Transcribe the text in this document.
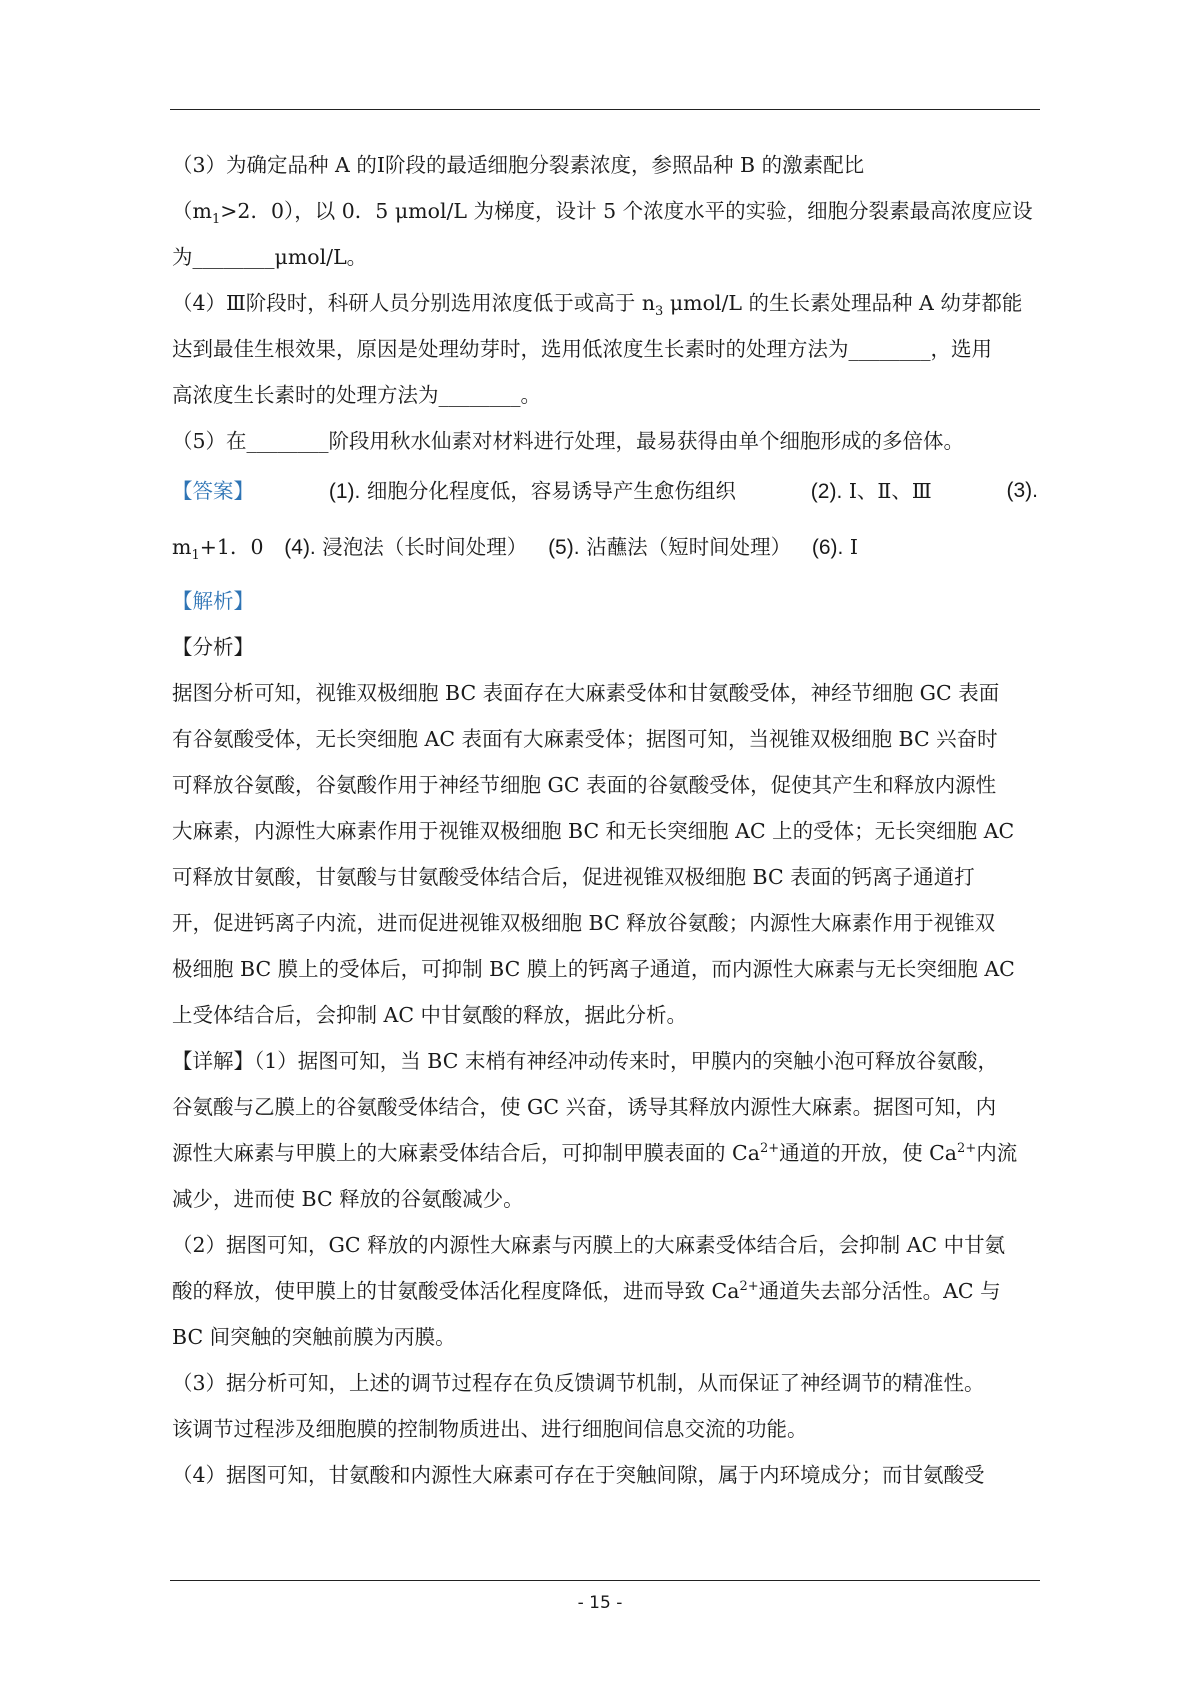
（3）为确定品种 A 的Ⅰ阶段的最适细胞分裂素浓度，参照品种 B 的激素配比
（$m_1>2$．0），以 0．5 μmol/L 为梯度，设计 5 个浓度水平的实验，细胞分裂素最高浓度应设
为________μmol/L。
（4）Ⅲ阶段时，科研人员分别选用浓度低于或高于 $n_3$ μmol/L 的生长素处理品种 A 幼芽都能
达到最佳生根效果，原因是处理幼芽时，选用低浓度生长素时的处理方法为________，选用
高浓度生长素时的处理方法为________。
（5）在________阶段用秋水仙素对材料进行处理，最易获得由单个细胞形成的多倍体。
【答案】	(1). 细胞分化程度低，容易诱导产生愈伤组织	(2). Ⅰ、Ⅱ、Ⅲ	(3).
$m_1+1$．0 (4). 浸泡法（长时间处理） (5). 沾蘸法（短时间处理） (6). Ⅰ
【解析】
【分析】
据图分析可知，视锥双极细胞 BC 表面存在大麻素受体和甘氨酸受体，神经节细胞 GC 表面
有谷氨酸受体，无长突细胞 AC 表面有大麻素受体；据图可知，当视锥双极细胞 BC 兴奋时
可释放谷氨酸，谷氨酸作用于神经节细胞 GC 表面的谷氨酸受体，促使其产生和释放内源性
大麻素，内源性大麻素作用于视锥双极细胞 BC 和无长突细胞 AC 上的受体；无长突细胞 AC
可释放甘氨酸，甘氨酸与甘氨酸受体结合后，促进视锥双极细胞 BC 表面的钙离子通道打
开，促进钙离子内流，进而促进视锥双极细胞 BC 释放谷氨酸；内源性大麻素作用于视锥双
极细胞 BC 膜上的受体后，可抑制 BC 膜上的钙离子通道，而内源性大麻素与无长突细胞 AC
上受体结合后，会抑制 AC 中甘氨酸的释放，据此分析。
【详解】（1）据图可知，当 BC 末梢有神经冲动传来时，甲膜内的突触小泡可释放谷氨酸，
谷氨酸与乙膜上的谷氨酸受体结合，使 GC 兴奋，诱导其释放内源性大麻素。据图可知，内
源性大麻素与甲膜上的大麻素受体结合后，可抑制甲膜表面的 $Ca^{2+}$通道的开放，使 $Ca^{2+}$内流
减少，进而使 BC 释放的谷氨酸减少。
（2）据图可知，GC 释放的内源性大麻素与丙膜上的大麻素受体结合后，会抑制 AC 中甘氨
酸的释放，使甲膜上的甘氨酸受体活化程度降低，进而导致 $Ca^{2+}$通道失去部分活性。AC 与
BC 间突触的突触前膜为丙膜。
（3）据分析可知，上述的调节过程存在负反馈调节机制，从而保证了神经调节的精准性。
该调节过程涉及细胞膜的控制物质进出、进行细胞间信息交流的功能。
（4）据图可知，甘氨酸和内源性大麻素可存在于突触间隙，属于内环境成分；而甘氨酸受
- 15 -
